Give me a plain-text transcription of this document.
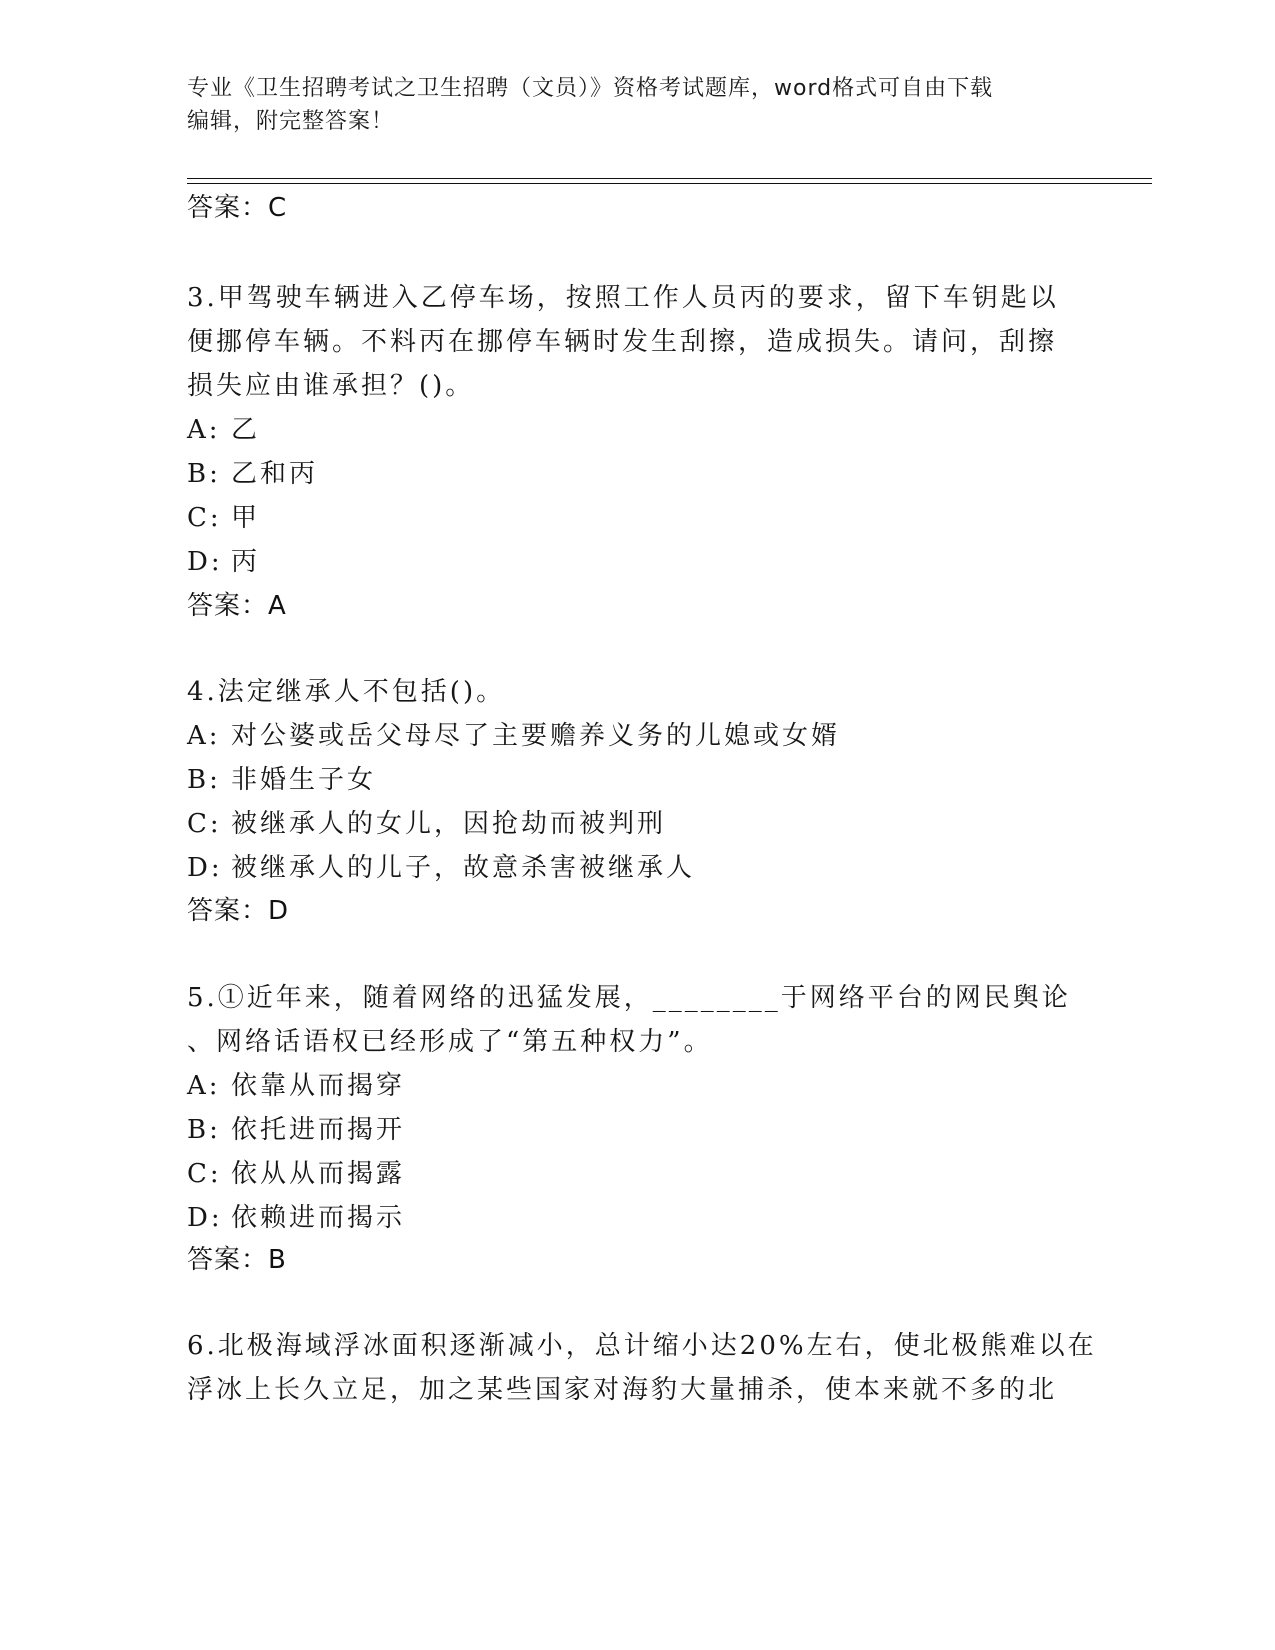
专业《卫生招聘考试之卫生招聘（文员）》资格考试题库，word格式可自由下载
编辑，附完整答案！
答案：C
3.甲驾驶车辆进入乙停车场，按照工作人员丙的要求，留下车钥匙以
便挪停车辆。不料丙在挪停车辆时发生刮擦，造成损失。请问，刮擦
损失应由谁承担？()。
A: 乙
B: 乙和丙
C: 甲
D: 丙
答案：A
4.法定继承人不包括()。
A: 对公婆或岳父母尽了主要赡养义务的儿媳或女婿
B: 非婚生子女
C: 被继承人的女儿，因抢劫而被判刑
D: 被继承人的儿子，故意杀害被继承人
答案：D
5.①近年来，随着网络的迅猛发展，________于网络平台的网民舆论
、网络话语权已经形成了“第五种权力”。
A: 依靠从而揭穿
B: 依托进而揭开
C: 依从从而揭露
D: 依赖进而揭示
答案：B
6.北极海域浮冰面积逐渐减小，总计缩小达20%左右，使北极熊难以在
浮冰上长久立足，加之某些国家对海豹大量捕杀，使本来就不多的北
